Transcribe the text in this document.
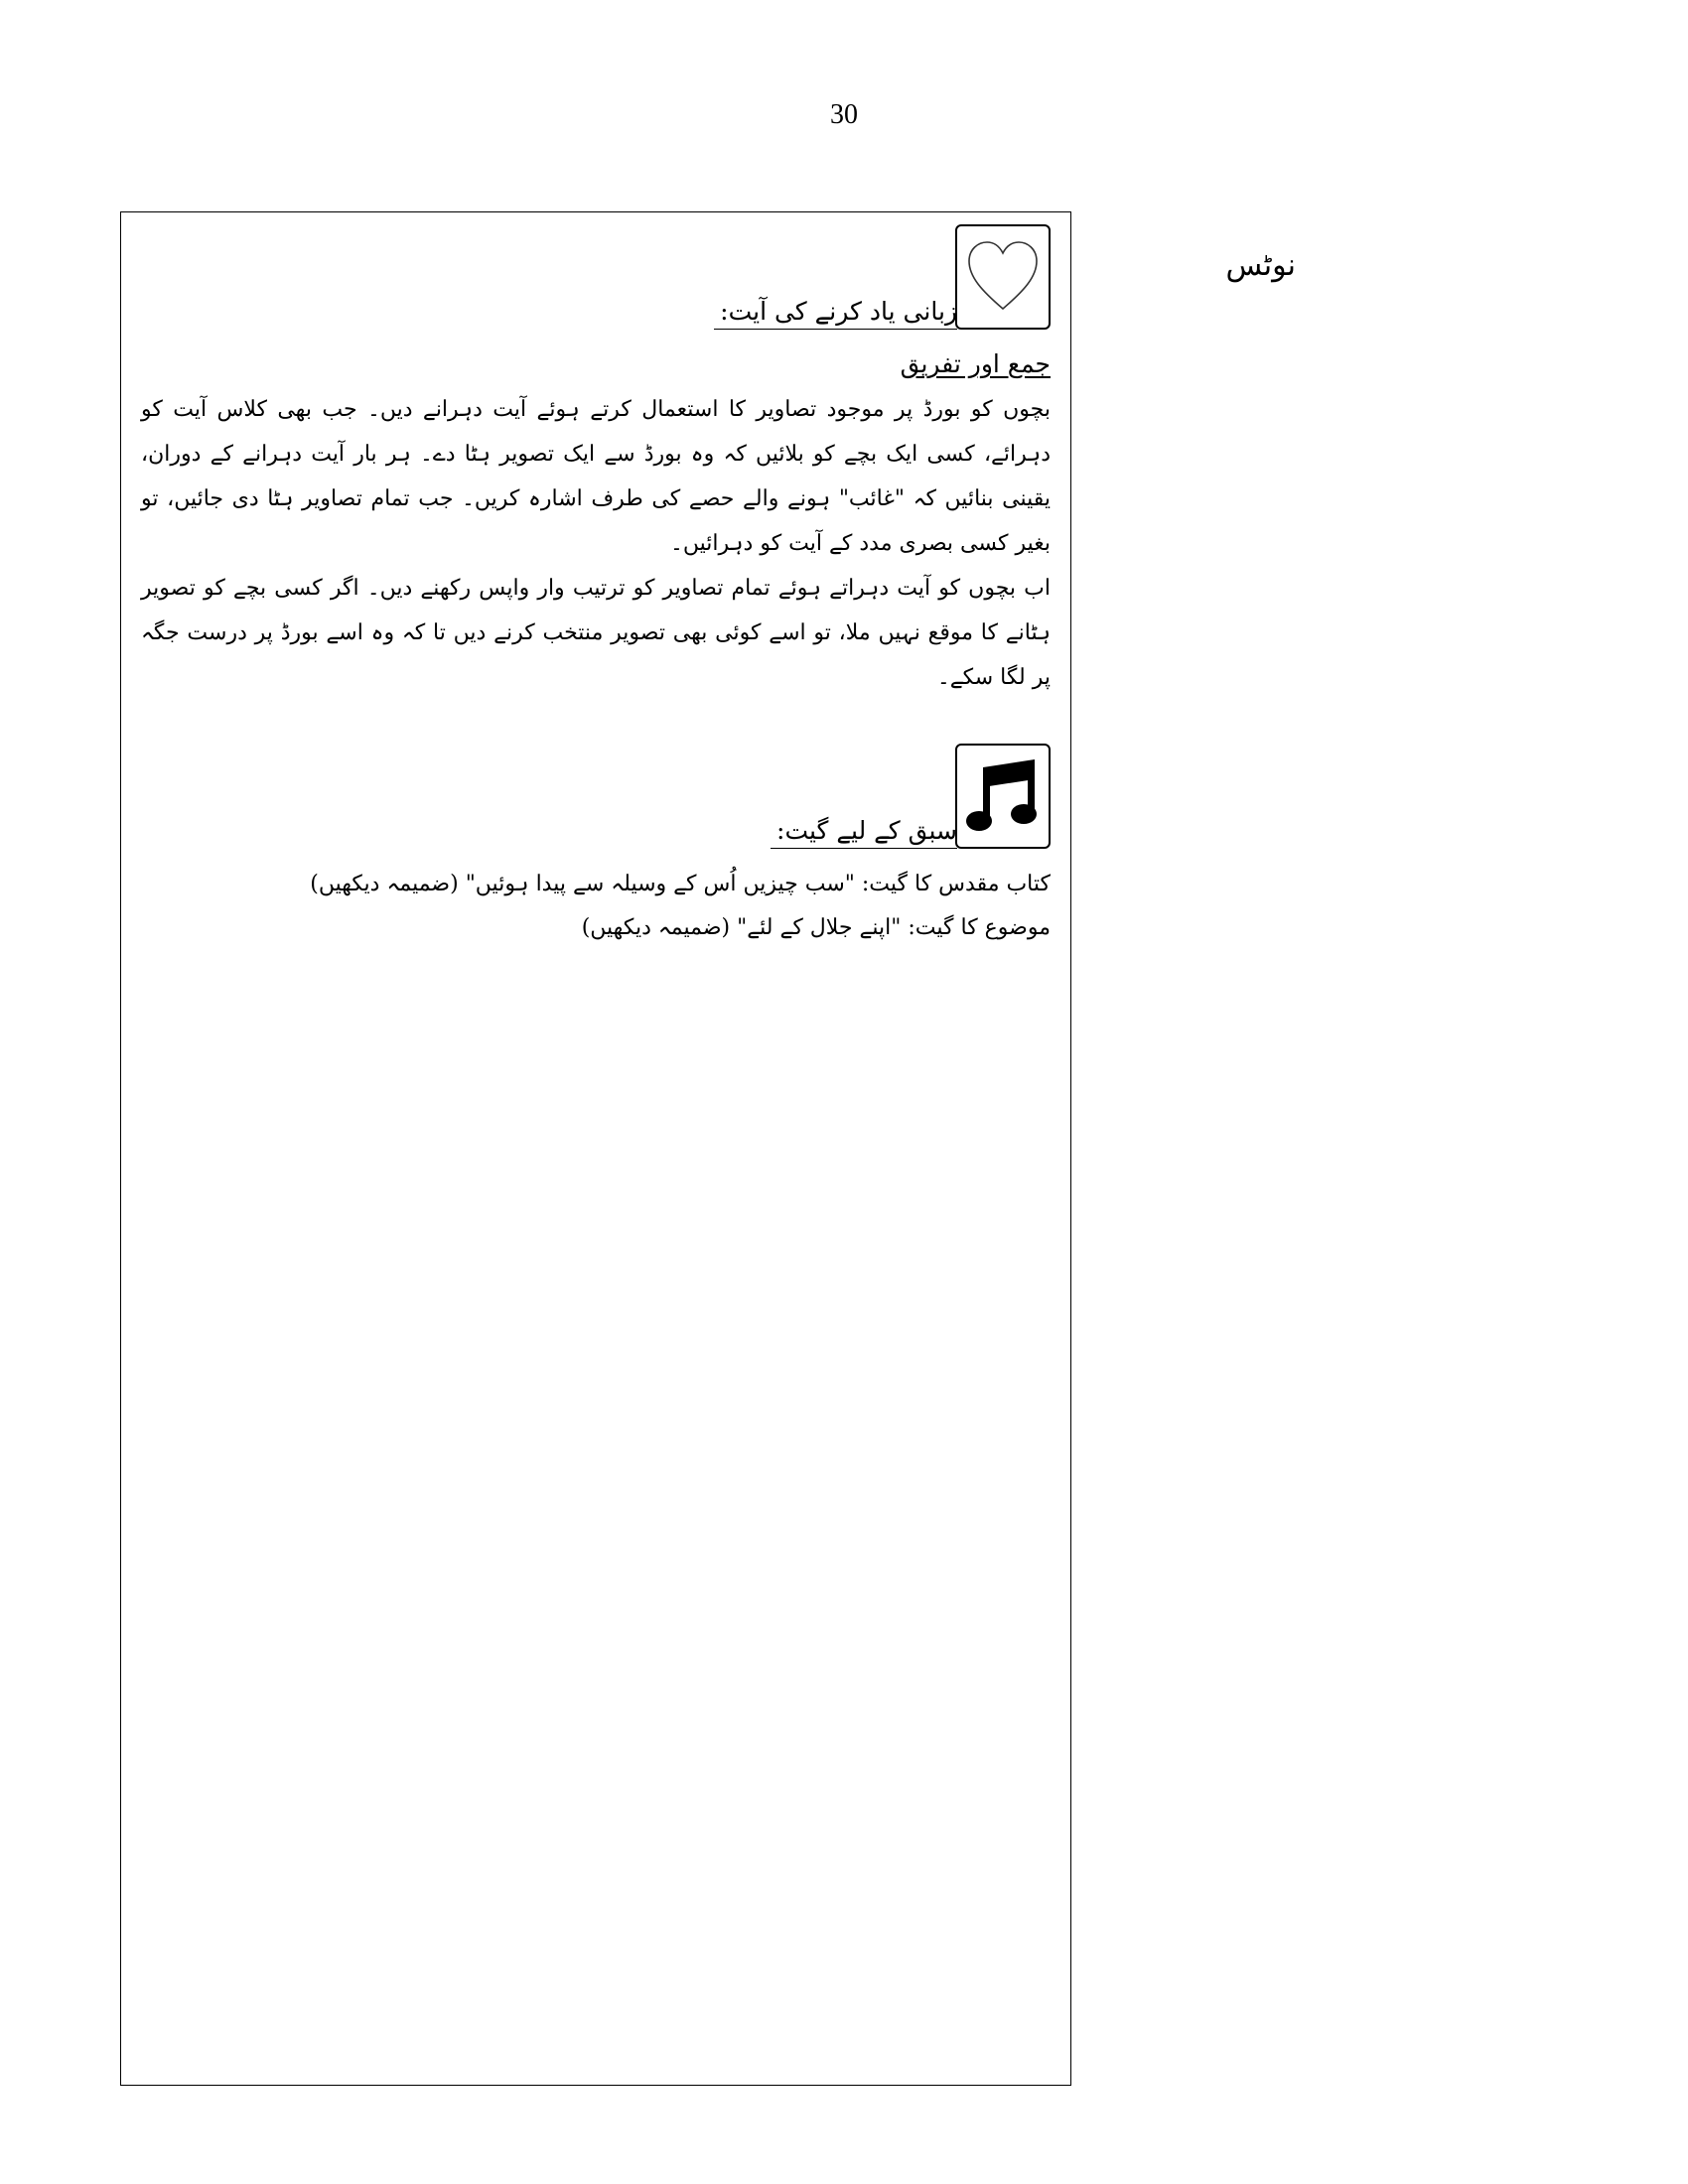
30
نوٹس
زبانی یاد کرنے کی آیت:
جمع اور تفریق

بچوں کو بورڈ پر موجود تصاویر کا استعمال کرتے ہوئے آیت دہرانے دیں۔ جب بھی کلاس آیت کو دہرائے، کسی ایک بچے کو بلائیں کہ وہ بورڈ سے ایک تصویر ہٹا دے۔ ہر بار آیت دہرانے کے دوران، یقینی بنائیں کہ "غائب" ہونے والے حصے کی طرف اشارہ کریں۔ جب تمام تصاویر ہٹا دی جائیں، تو بغیر کسی بصری مدد کے آیت کو دہرائیں۔

اب بچوں کو آیت دہراتے ہوئے تمام تصاویر کو ترتیب وار واپس رکھنے دیں۔ اگر کسی بچے کو تصویر ہٹانے کا موقع نہیں ملا، تو اسے کوئی بھی تصویر منتخب کرنے دیں تا کہ وہ اسے بورڈ پر درست جگہ پر لگا سکے۔

سبق کے لیے گیت:

کتاب مقدس کا گیت: "سب چیزیں اُس کے وسیلہ سے پیدا ہوئیں" (ضمیمہ دیکھیں)

موضوع کا گیت: "اپنے جلال کے لئے" (ضمیمہ دیکھیں)
